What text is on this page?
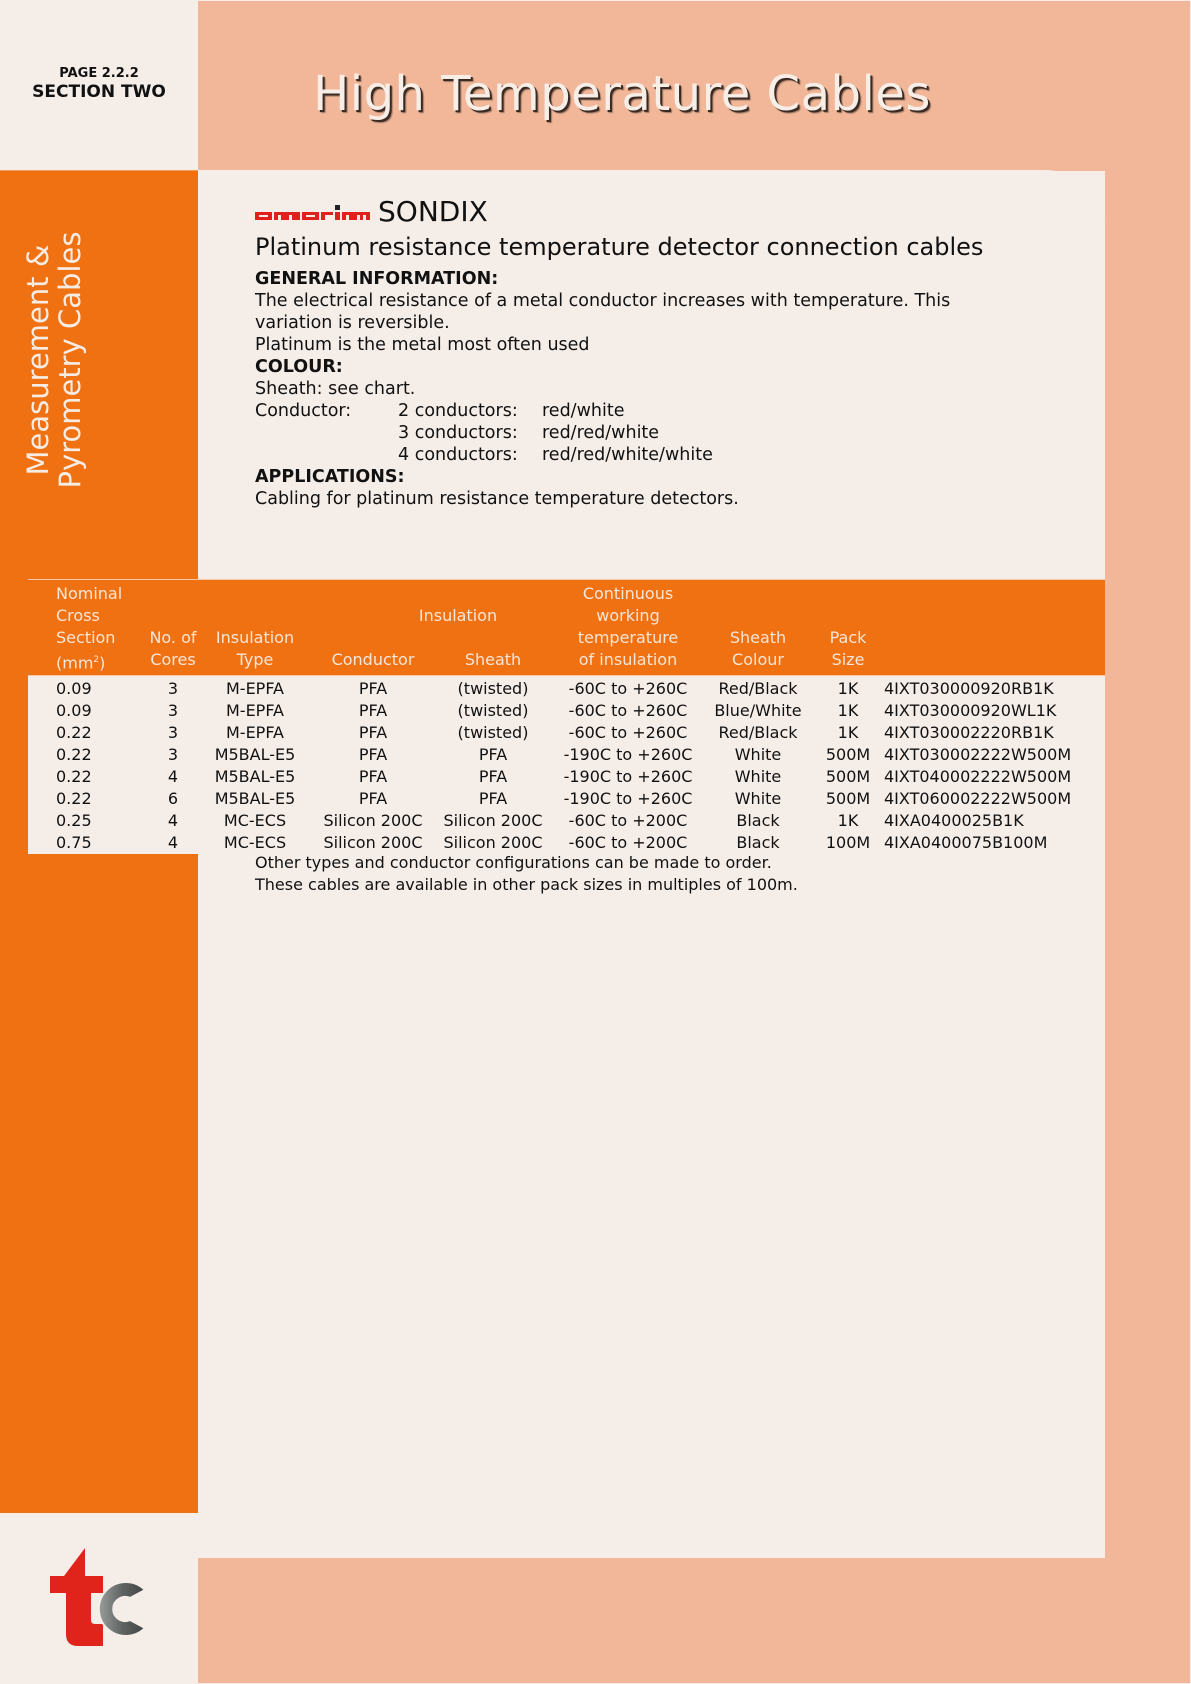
PAGE 2.2.2
SECTION TWO	High Temperature Cables
Measurement &
Pyrometry Cables
SONDIX
Platinum resistance temperature detector connection cables
GENERAL INFORMATION:
The electrical resistance of a metal conductor increases with temperature. This
variation is reversible.
Platinum is the metal most often used
COLOUR:
Sheath: see chart.
Conductor:	2 conductors:	red/white
3 conductors:	red/red/white
4 conductors:	red/red/white/white
APPLICATIONS:
Cabling for platinum resistance temperature detectors.
Nominal
Cross
Section
$(mm^2)$
No. of
Cores
Insulation
Type
Insulation
Conductor	Sheath
Continuous
working
temperature
of insulation
Sheath
Colour
Pack
Size
0.09	3	M-EPFA	PFA	(twisted)	-60C to +260C	Red/Black	1K	4IXT030000920RB1K
0.09	3	M-EPFA	PFA	(twisted)	-60C to +260C	Blue/White	1K	4IXT030000920WL1K
0.22	3	M-EPFA	PFA	(twisted)	-60C to +260C	Red/Black	1K	4IXT030002220RB1K
0.22	3	M5BAL-E5	PFA	PFA	-190C to +260C	White	500M 4IXT030002222W500M
0.22	4	M5BAL-E5	PFA	PFA	-190C to +260C	White	500M 4IXT040002222W500M
0.22	6	M5BAL-E5	PFA	PFA	-190C to +260C	White	500M 4IXT060002222W500M
0.25	4	MC-ECS	Silicon 200C	Silicon 200C	-60C to +200C	Black	1K	4IXA0400025B1K
0.75	4	MC-ECS	Silicon 200C	Silicon 200C	-60C to +200C	Black	100M 4IXA0400075B100M
Other types and conductor configurations can be made to order.
These cables are available in other pack sizes in multiples of 100m.
